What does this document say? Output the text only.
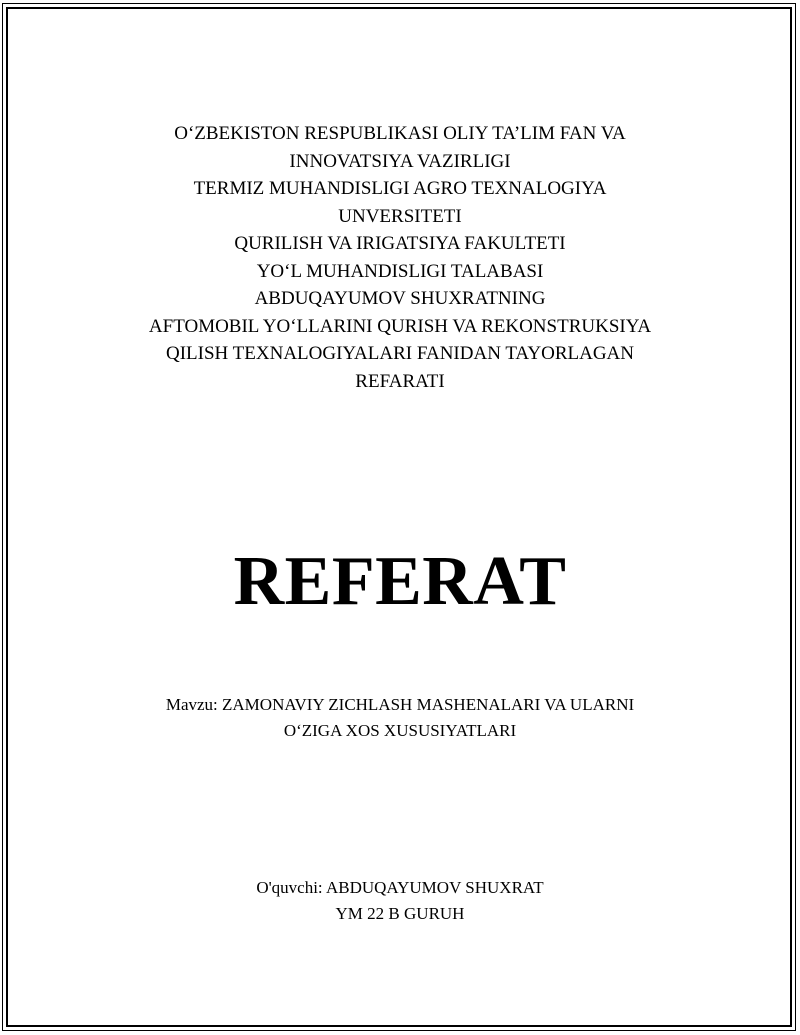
O‘ZBEKISTON RESPUBLIKASI OLIY TA’LIM FAN VA
INNOVATSIYA VAZIRLIGI
TERMIZ MUHANDISLIGI AGRO TEXNALOGIYA
UNVERSITETI
QURILISH VA IRIGATSIYA FAKULTETI
YO‘L MUHANDISLIGI TALABASI
ABDUQAYUMOV SHUXRATNING
AFTOMOBIL YO‘LLARINI QURISH VA REKONSTRUKSIYA
QILISH TEXNALOGIYALARI FANIDAN TAYORLAGAN
REFARATI
REFERAT
Mavzu: ZAMONAVIY ZICHLASH MASHENALARI VA ULARNI
O‘ZIGA XOS XUSUSIYATLARI
O'quvchi: ABDUQAYUMOV SHUXRAT
YM 22 B GURUH
